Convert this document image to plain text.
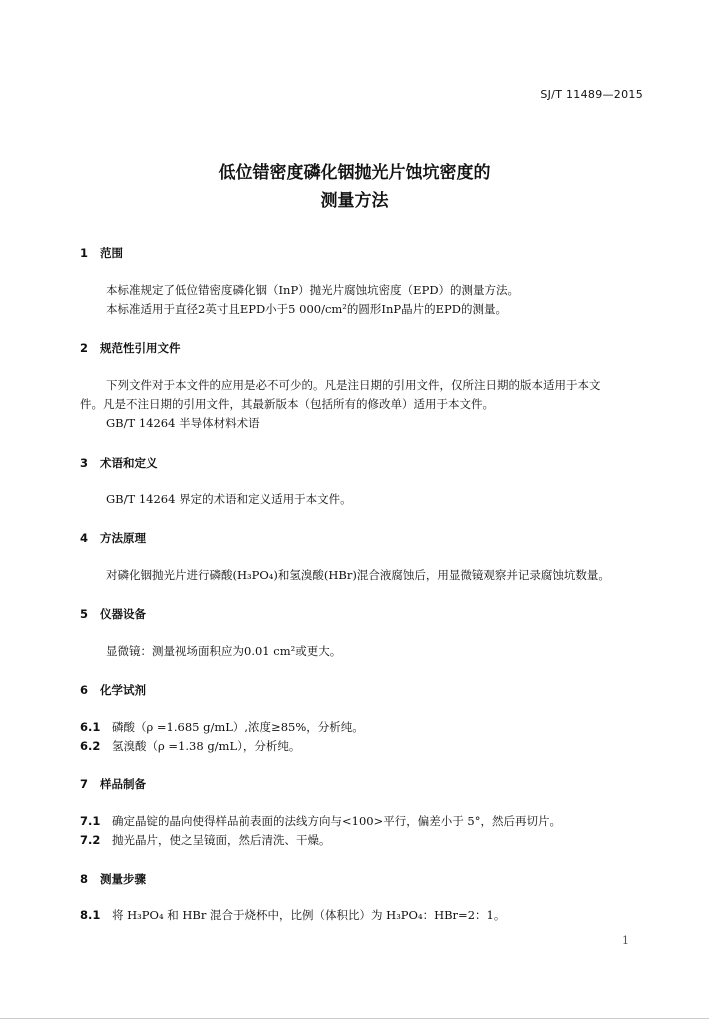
SJ/T 11489—2015
低位错密度磷化铟抛光片蚀坑密度的
测量方法
1 范围
本标准规定了低位错密度磷化铟（InP）抛光片腐蚀坑密度（EPD）的测量方法。
本标准适用于直径2英寸且EPD小于5 000/cm²的圆形InP晶片的EPD的测量。
2 规范性引用文件
下列文件对于本文件的应用是必不可少的。凡是注日期的引用文件，仅所注日期的版本适用于本文
件。凡是不注日期的引用文件，其最新版本（包括所有的修改单）适用于本文件。
GB/T 14264 半导体材料术语
3 术语和定义
GB/T 14264 界定的术语和定义适用于本文件。
4 方法原理
对磷化铟抛光片进行磷酸(H₃PO₄)和氢溴酸(HBr)混合液腐蚀后，用显微镜观察并记录腐蚀坑数量。
5 仪器设备
显微镜：测量视场面积应为0.01 cm²或更大。
6 化学试剂
6.1 磷酸（ρ =1.685 g/mL）,浓度≥85%，分析纯。
6.2 氢溴酸（ρ =1.38 g/mL），分析纯。
7 样品制备
7.1 确定晶锭的晶向使得样品前表面的法线方向与<100>平行，偏差小于 5°，然后再切片。
7.2 抛光晶片，使之呈镜面，然后清洗、干燥。
8 测量步骤
8.1 将 H₃PO₄ 和 HBr 混合于烧杯中，比例（体积比）为 H₃PO₄：HBr=2：1。
1
